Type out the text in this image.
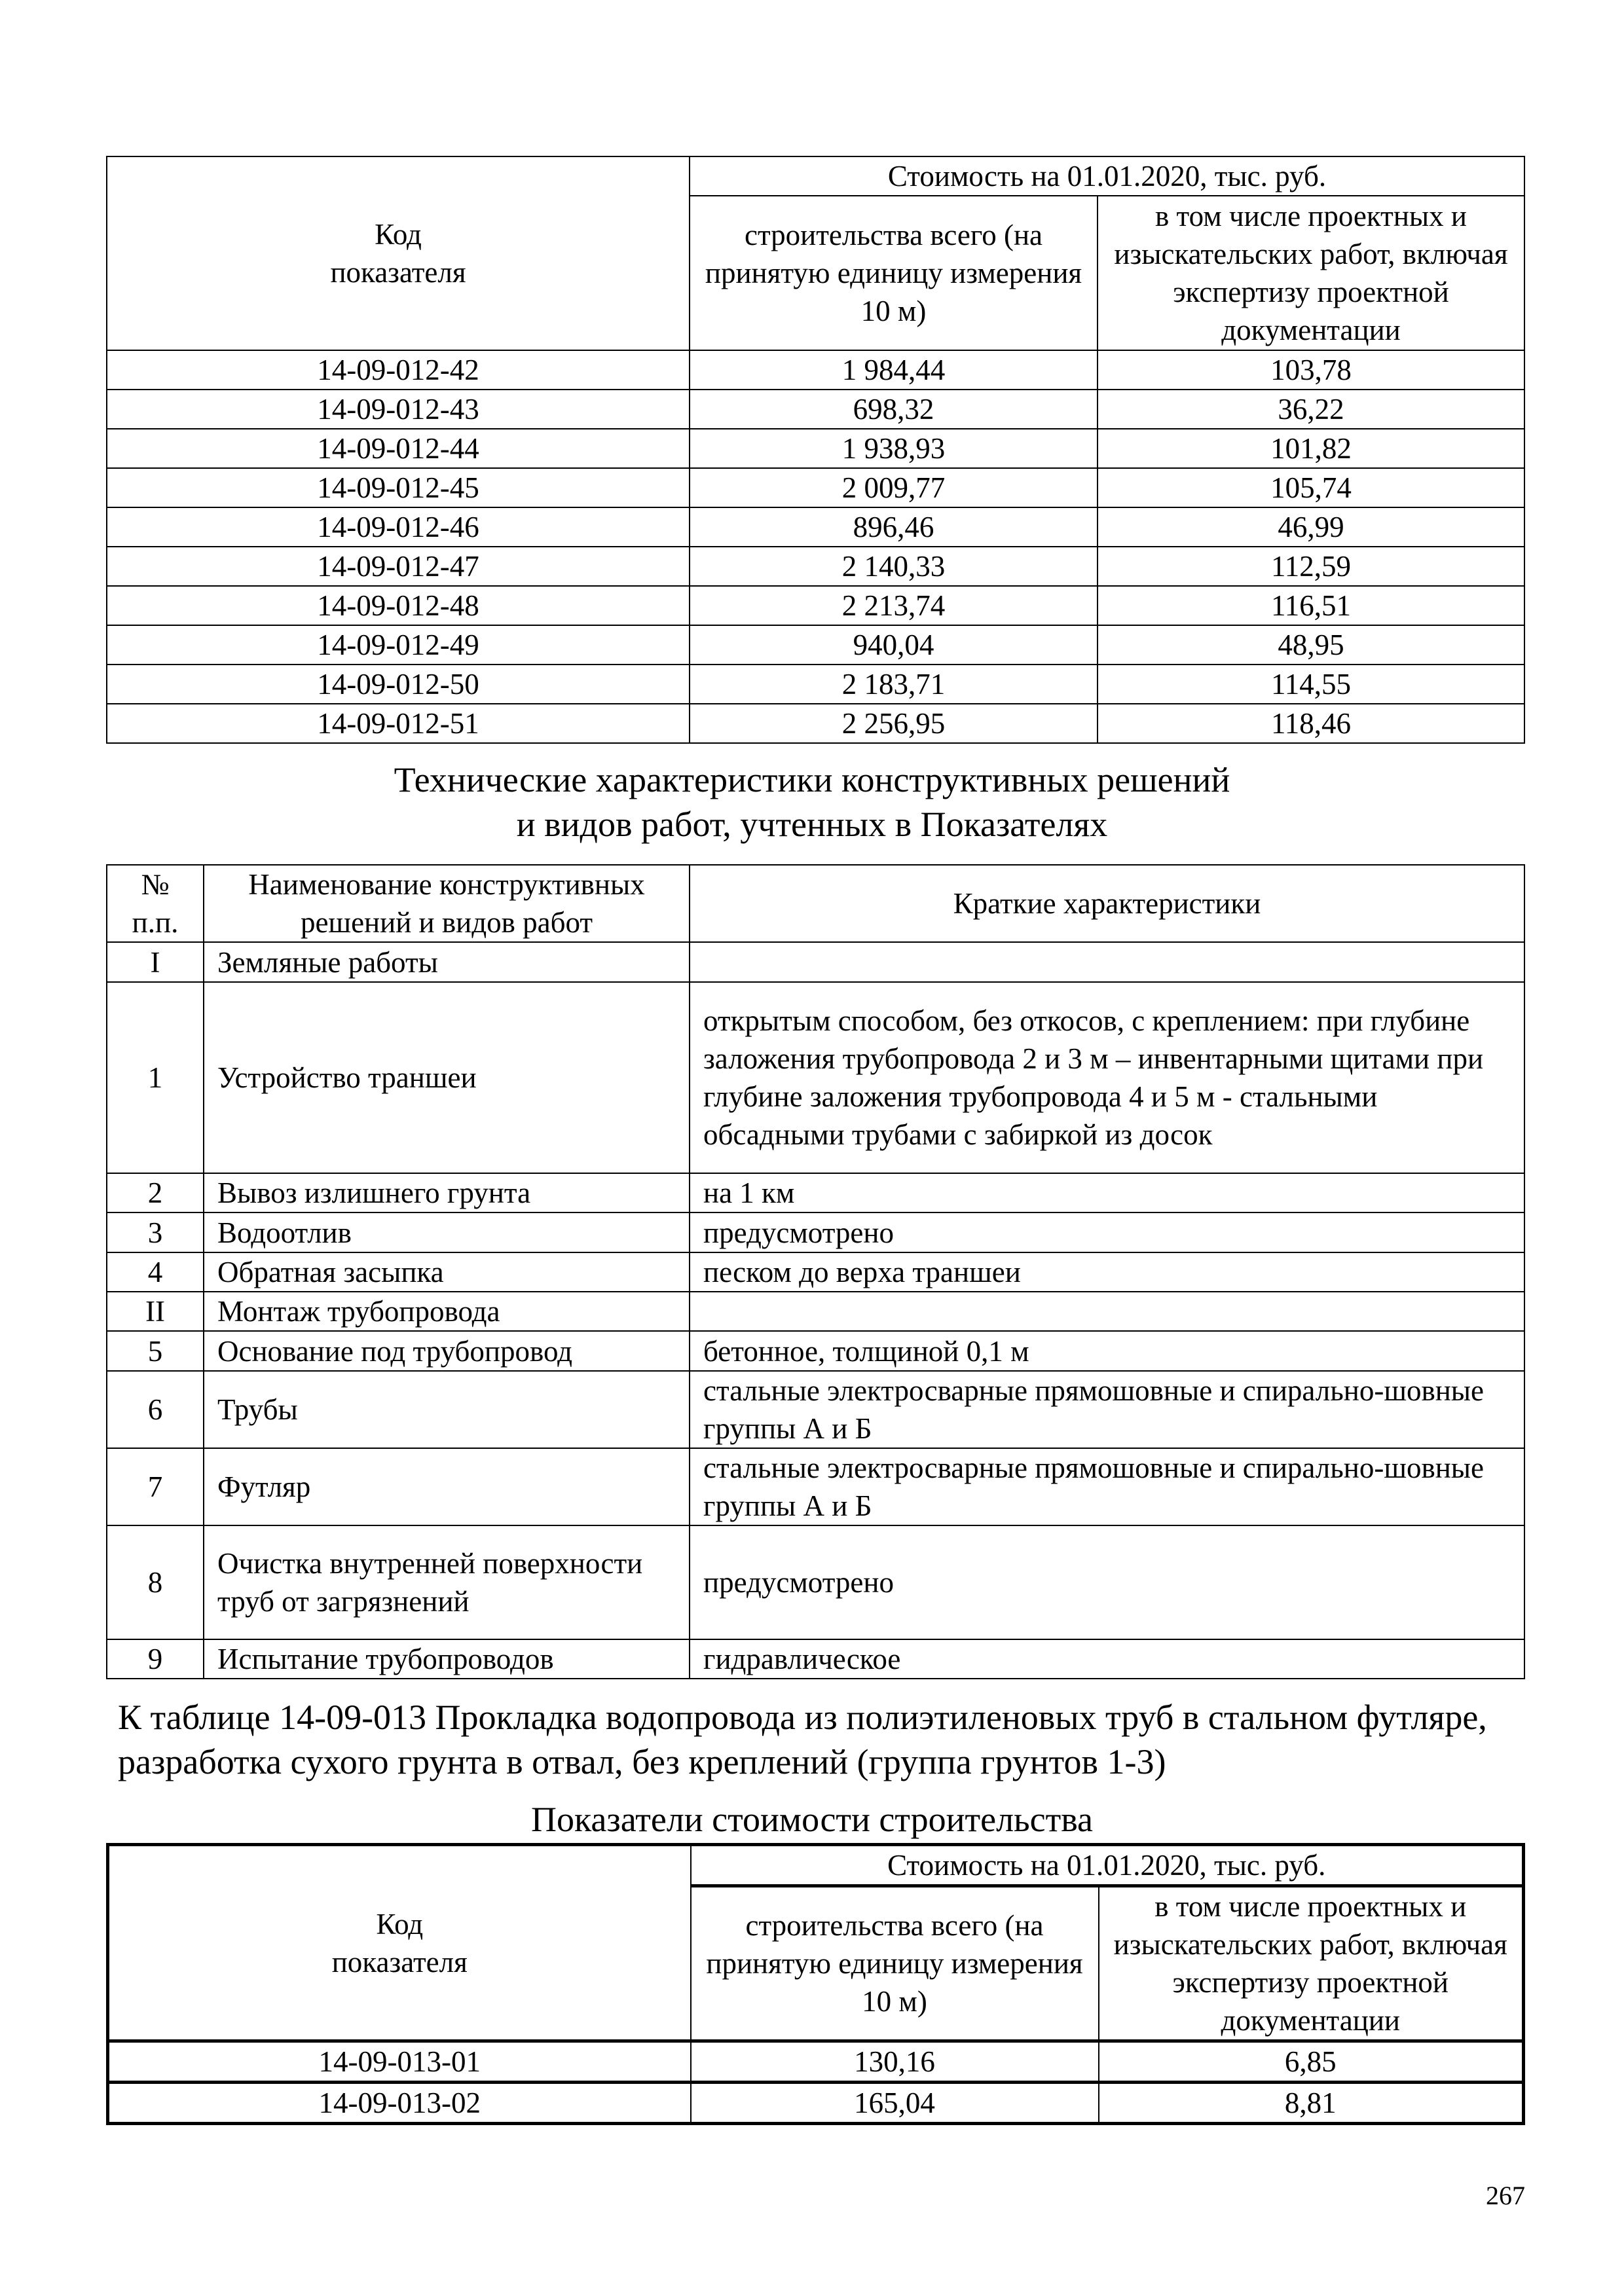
Код показателя	Стоимость на 01.01.2020, тыс. руб.	
	строительства всего (на принятую единицу измерения 10 м)	в том числе проектных и изыскательских работ, включая экспертизу проектной документации
14-09-012-42	1 984,44	103,78
14-09-012-43	698,32	36,22
14-09-012-44	1 938,93	101,82
14-09-012-45	2 009,77	105,74
14-09-012-46	896,46	46,99
14-09-012-47	2 140,33	112,59
14-09-012-48	2 213,74	116,51
14-09-012-49	940,04	48,95
14-09-012-50	2 183,71	114,55
14-09-012-51	2 256,95	118,46
Технические характеристики конструктивных решений
и видов работ, учтенных в Показателях
№ п.п.	Наименование конструктивных решений и видов работ	Краткие характеристики
I	Земляные работы	
1	Устройство траншеи	открытым способом, без откосов, с креплением: при глубине заложения трубопровода 2 и 3 м – инвентарными щитами при глубине заложения трубопровода 4 и 5 м - стальными обсадными трубами с забиркой из досок
2	Вывоз излишнего грунта	на 1 км
3	Водоотлив	предусмотрено
4	Обратная засыпка	песком до верха траншеи
II	Монтаж трубопровода	
5	Основание под трубопровод	бетонное, толщиной 0,1 м
6	Трубы	стальные электросварные прямошовные и спирально-шовные группы А и Б
7	Футляр	стальные электросварные прямошовные и спирально-шовные группы А и Б
8	Очистка внутренней поверхности труб от загрязнений	предусмотрено
9	Испытание трубопроводов	гидравлическое
К таблице 14-09-013 Прокладка водопровода из полиэтиленовых труб в стальном футляре, разработка сухого грунта в отвал, без креплений (группа грунтов 1-3)
Показатели стоимости строительства
Код показателя	Стоимость на 01.01.2020, тыс. руб.	
	строительства всего (на принятую единицу измерения 10 м)	в том числе проектных и изыскательских работ, включая экспертизу проектной документации
14-09-013-01	130,16	6,85
14-09-013-02	165,04	8,81
267
